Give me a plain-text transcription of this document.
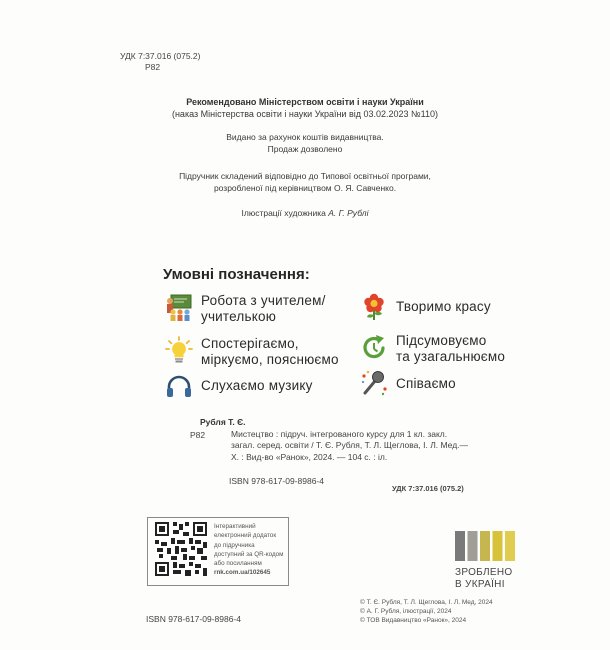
УДК 7:37.016 (075.2)
Р82
Рекомендовано Міністерством освіти і науки України
(наказ Міністерства освіти і науки України від 03.02.2023 №110)
Видано за рахунок коштів видавництва.
Продаж дозволено
Підручник складений відповідно до Типової освітньої програми,
розробленої під керівництвом О. Я. Савченко.
Ілюстрації художника А. Г. Рублі
Умовні позначення:
Робота з учителем/
учителькою
Творимо красу
Спостерігаємо,
міркуємо, пояснюємо
Підсумовуємо
та узагальнюємо
Слухаємо музику	Співаємо
Рубля Т. Є.
Мистецтво : підруч. інтегрованого курсу для 1 кл. закл.
загал. серед. освіти / Т. Є. Рубля, Т. Л. Щеглова, І. Л. Мед.—
Х. : Вид-во «Ранок», 2024. — 104 с. : іл.
Р82
ISBN 978-617-09-8986-4
УДК 7:37.016 (075.2)
Інтерактивний
електронний додаток
до підручника
доступний за QR-кодом
або посиланням
rnk.com.ua/102645	ЗРОБЛЕНО
В УКРАЇНІ
© Т. Є. Рубля, Т. Л. Щеглова, І. Л. Мед, 2024
© А. Г. Рубля, ілюстрації, 2024
© ТОВ Видавництво «Ранок», 2024
ISBN 978-617-09-8986-4
